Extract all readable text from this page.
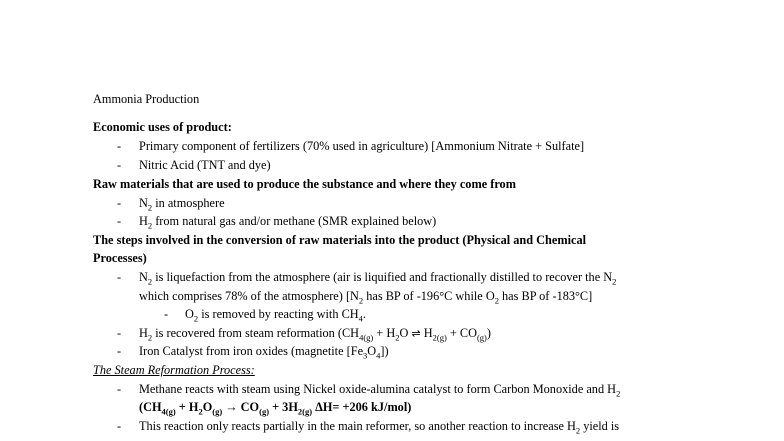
Ammonia Production
Economic uses of product:
- Primary component of fertilizers (70% used in agriculture) [Ammonium Nitrate + Sulfate]
- Nitric Acid (TNT and dye)
Raw materials that are used to produce the substance and where they come from
- $N_2$ in atmosphere
- $H_2$ from natural gas and/or methane (SMR explained below)
The steps involved in the conversion of raw materials into the product (Physical and Chemical
Processes)
- $N_2$ is liquefaction from the atmosphere (air is liquified and fractionally distilled to recover the $N_2$
which comprises 78% of the atmosphere) [$N_2$ has BP of -196°C while $O_2$ has BP of -183°C]
- $O_2$ is removed by reacting with $CH_4$.
- $H_2$ is recovered from steam reformation ($CH_{4(g)} + H_2O$ ⇌ $H_{2(g)} + CO_{(g)}$)
- Iron Catalyst from iron oxides (magnetite $[Fe_3O_4]$)
The Steam Reformation Process:
- Methane reacts with steam using Nickel oxide-alumina catalyst to form Carbon Monoxide and $H_2$
($CH_{4(g)} + H_2O_{(g)} \to CO_{(g)} + 3H_{2(g)}$ ΔH= +206 kJ/mol)
- This reaction only reacts partially in the main reformer, so another reaction to increase $H_2$ yield is
